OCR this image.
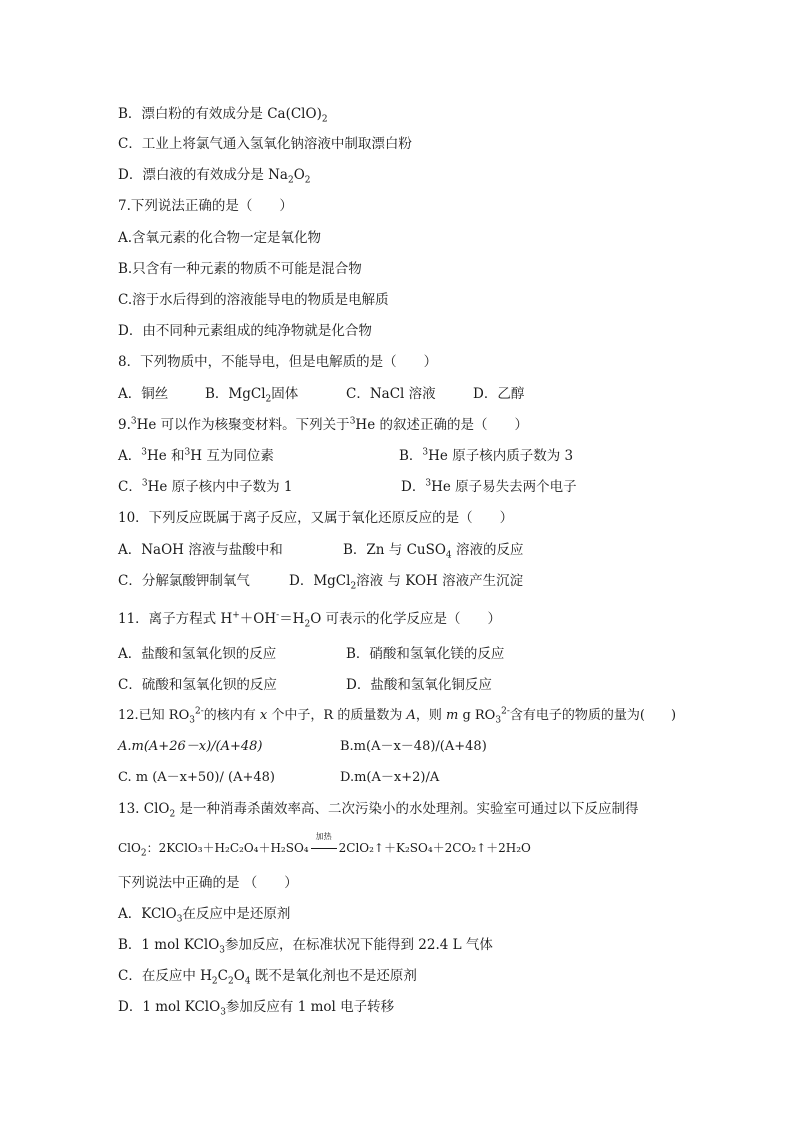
B．漂白粉的有效成分是 $Ca(ClO)_2$
C．工业上将氯气通入氢氧化钠溶液中制取漂白粉
D．漂白液的有效成分是 $Na_2O_2$
7.下列说法正确的是（　　）
A.含氧元素的化合物一定是氧化物
B.只含有一种元素的物质不可能是混合物
C.溶于水后得到的溶液能导电的物质是电解质
D．由不同种元素组成的纯净物就是化合物
8．下列物质中，不能导电，但是电解质的是（　　）
A．铜丝	B．MgCl$_2$固体	C．NaCl 溶液	D．乙醇
9.$^3$He 可以作为核聚变材料。下列关于$^3$He 的叙述正确的是（　　）
A．$^3$He 和$^3$H 互为同位素	B．$^3$He 原子核内质子数为 3
C．$^3$He 原子核内中子数为 1	D．$^3$He 原子易失去两个电子
10．下列反应既属于离子反应，又属于氧化还原反应的是（　　）
A．NaOH 溶液与盐酸中和	B．Zn 与 CuSO$_4$ 溶液的反应
C．分解氯酸钾制氧气	D．MgCl$_2$溶液 与 KOH 溶液产生沉淀
11．离子方程式 $H^++OH^-=H_2O$ 可表示的化学反应是（　　）
A．盐酸和氢氧化钡的反应	B．硝酸和氢氧化镁的反应
C．硫酸和氢氧化钡的反应	D．盐酸和氢氧化铜反应
12.已知 $RO_3^{2-}$的核内有 x 个中子，R 的质量数为 A，则 m g $RO_3^{2-}$含有电子的物质的量为(　　)
A.m(A+26－x)/(A+48)	B.m(A－x－48)/(A+48)
C. m (A－x+50)/ (A+48)	D.m(A－x+2)/A
13. ClO$_2$ 是一种消毒杀菌效率高、二次污染小的水处理剂。实验室可通过以下反应制得
ClO$_2$：2KClO₃＋H₂C₂O₄＋H₂SO₄
加热
2ClO₂↑＋K₂SO₄＋2CO₂↑＋2H₂O
下列说法中正确的是 （　　）
A．KClO$_3$在反应中是还原剂
B．1 mol KClO$_3$参加反应，在标准状况下能得到 22.4 L 气体
C．在反应中 $H_2C_2O_4$ 既不是氧化剂也不是还原剂
D．1 mol KClO$_3$参加反应有 1 mol 电子转移
